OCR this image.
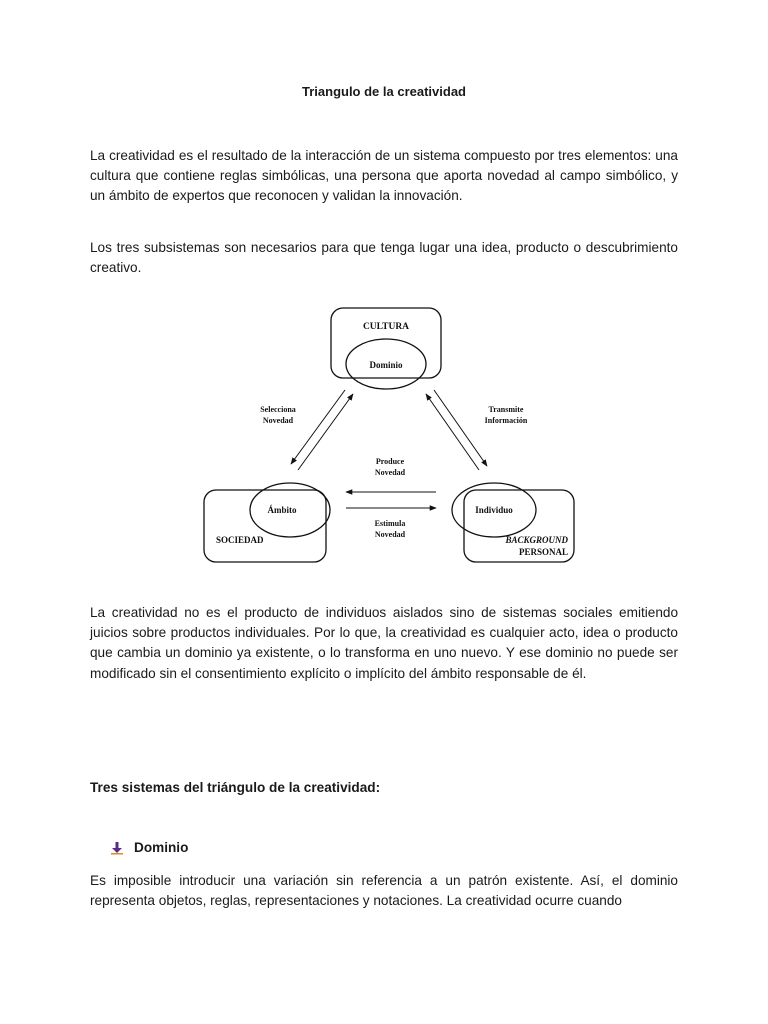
Triangulo de la creatividad

La creatividad es el resultado de la interacción de un sistema compuesto por tres elementos: una cultura que contiene reglas simbólicas, una persona que aporta novedad al campo simbólico, y un ámbito de expertos que reconocen y validan la innovación.

Los tres subsistemas son necesarios para que tenga lugar una idea, producto o descubrimiento creativo.

CULTURA
Dominio
Ámbito
SOCIEDAD
Individuo
BACKGROUND
PERSONAL
Selecciona
Novedad
Transmite
Información
Produce
Novedad
Estimula
Novedad

La creatividad no es el producto de individuos aislados sino de sistemas sociales emitiendo juicios sobre productos individuales. Por lo que, la creatividad es cualquier acto, idea o producto que cambia un dominio ya existente, o lo transforma en uno nuevo. Y ese dominio no puede ser modificado sin el consentimiento explícito o implícito del ámbito responsable de él.

Tres sistemas del triángulo de la creatividad:
Dominio

Es imposible introducir una variación sin referencia a un patrón existente. Así, el dominio representa objetos, reglas, representaciones y notaciones. La creatividad ocurre cuando
